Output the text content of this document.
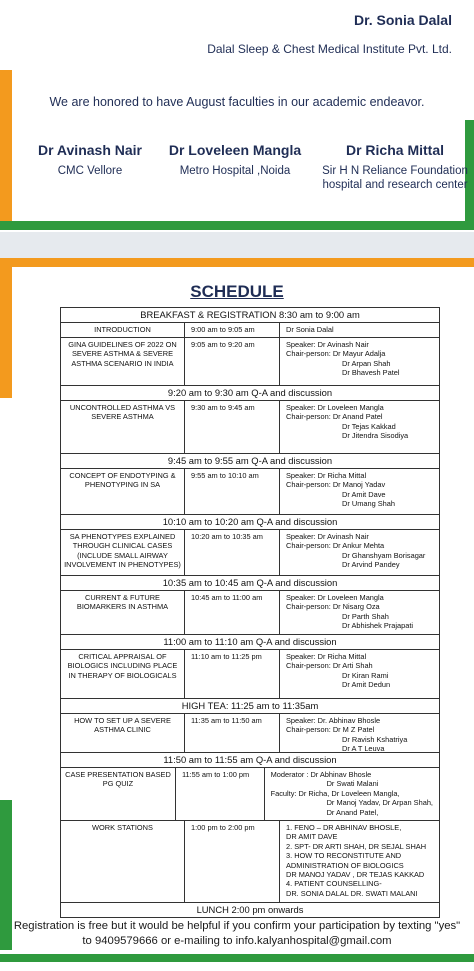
Dr. Sonia Dalal
Dalal Sleep & Chest Medical Institute Pvt. Ltd.
We are honored to have August faculties in our academic endeavor.
Dr Avinash Nair
CMC Vellore
Dr Loveleen Mangla
Metro Hospital ,Noida
Dr Richa Mittal
Sir H N Reliance Foundation hospital and research center
SCHEDULE
BREAKFAST & REGISTRATION 8:30 am to 9:00 am
INTRODUCTION	9:00 am to 9:05 am	Dr Sonia Dalal
GINA GUIDELINES OF 2022 ON SEVERE ASTHMA & SEVERE ASTHMA SCENARIO IN INDIA
9:05 am to 9:20 am	Speaker: Dr Avinash Nair
Chair-person: Dr Mayur Adalja
Dr Arpan Shah
Dr Bhavesh Patel
9:20 am to 9:30 am Q-A and discussion
UNCONTROLLED ASTHMA VS SEVERE ASTHMA
9:30 am to 9:45 am	Speaker: Dr Loveleen Mangla
Chair-person: Dr Anand Patel
Dr Tejas Kakkad
Dr Jitendra Sisodiya
9:45 am to 9:55 am Q-A and discussion
CONCEPT OF ENDOTYPING & PHENOTYPING IN SA
9:55 am to 10:10 am	Speaker: Dr Richa Mittal
Chair-person: Dr Manoj Yadav
Dr Amit Dave
Dr Umang Shah
10:10 am to 10:20 am Q-A and discussion
SA PHENOTYPES EXPLAINED THROUGH CLINICAL CASES (INCLUDE SMALL AIRWAY INVOLVEMENT IN PHENOTYPES)
10:20 am to 10:35 am	Speaker: Dr Avinash Nair
Chair-person: Dr Ankur Mehta
Dr Ghanshyam Borisagar
Dr Arvind Pandey
10:35 am to 10:45 am Q-A and discussion
CURRENT & FUTURE BIOMARKERS IN ASTHMA
10:45 am to 11:00 am	Speaker: Dr Loveleen Mangla
Chair-person: Dr Nisarg Oza
Dr Parth Shah
Dr Abhishek Prajapati
11:00 am to 11:10 am Q-A and discussion
CRITICAL APPRAISAL OF BIOLOGICS INCLUDING PLACE IN THERAPY OF BIOLOGICALS
11:10 am to 11:25 pm	Speaker: Dr Richa Mittal
Chair-person: Dr Arti Shah
Dr Kiran Rami
Dr Amit Dedun
HIGH TEA: 11:25 am to 11:35am
HOW TO SET UP A SEVERE ASTHMA CLINIC
11:35 am to 11:50 am	Speaker: Dr. Abhinav Bhosle
Chair-person: Dr M Z Patel
Dr Ravish Kshatriya
Dr A T Leuva
11:50 am to 11:55 am Q-A and discussion
CASE PRESENTATION BASED PG QUIZ
11:55 am to 1:00 pm	Moderator : Dr Abhinav Bhosle
Dr Swati Malani
Faculty: Dr Richa, Dr Loveleen Mangla,
Dr Manoj Yadav, Dr Arpan Shah,
Dr Anand Patel,
WORK STATIONS	1:00 pm to 2:00 pm	1. FENO – DR ABHINAV BHOSLE,
DR AMIT DAVE
2. SPT- DR ARTI SHAH, DR SEJAL SHAH
3. HOW TO RECONSTITUTE AND
ADMINISTRATION OF BIOLOGICS
DR MANOJ YADAV , DR TEJAS KAKKAD
4. PATIENT COUNSELLING-
DR. SONIA DALAL DR. SWATI MALANI
LUNCH 2:00 pm onwards
Registration is free but it would be helpful if you confirm your participation by texting "yes"
to 9409579666 or e-mailing to info.kalyanhospital@gmail.com
